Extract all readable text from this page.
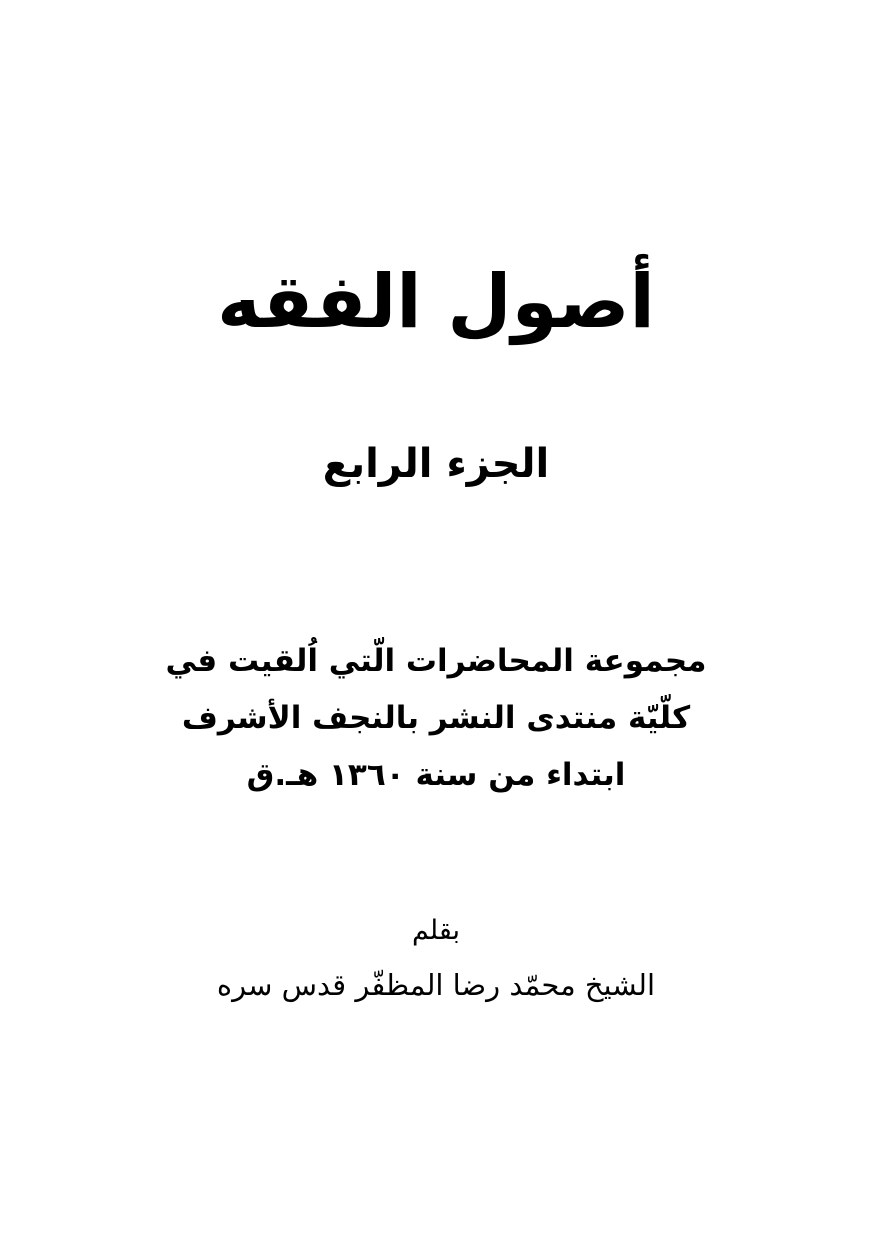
أصول الفقه
الجزء الرابع
مجموعة المحاضرات الّتي اُلقيت في
كلّيّة منتدى النشر بالنجف الأشرف
ابتداء من سنة ١٣٦٠ هـ.ق
بقلم
الشيخ محمّد رضا المظفّر قدس سره
